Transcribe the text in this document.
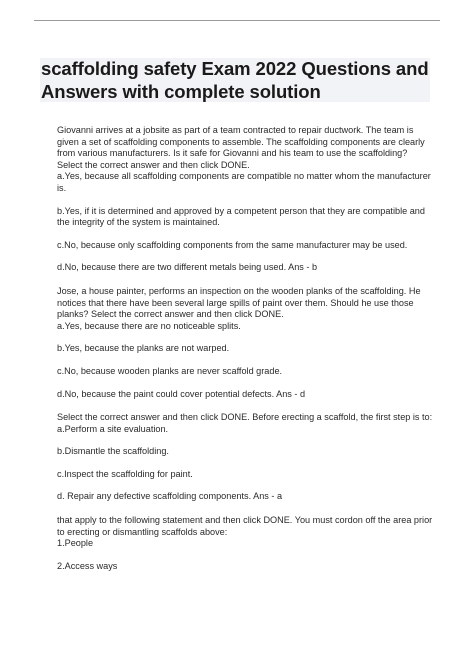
scaffolding safety Exam 2022 Questions and Answers with complete solution

Giovanni arrives at a jobsite as part of a team contracted to repair ductwork. The team is given a set of scaffolding components to assemble. The scaffolding components are clearly from various manufacturers. Is it safe for Giovanni and his team to use the scaffolding? Select the correct answer and then click DONE.

a.Yes, because all scaffolding components are compatible no matter whom the manufacturer is.

b.Yes, if it is determined and approved by a competent person that they are compatible and the integrity of the system is maintained.

c.No, because only scaffolding components from the same manufacturer may be used.

d.No, because there are two different metals being used. Ans - b

Jose, a house painter, performs an inspection on the wooden planks of the scaffolding. He notices that there have been several large spills of paint over them. Should he use those planks? Select the correct answer and then click DONE.

a.Yes, because there are no noticeable splits.

b.Yes, because the planks are not warped.

c.No, because wooden planks are never scaffold grade.

d.No, because the paint could cover potential defects. Ans - d

Select the correct answer and then click DONE. Before erecting a scaffold, the first step is to:

a.Perform a site evaluation.

b.Dismantle the scaffolding.

c.Inspect the scaffolding for paint.

d. Repair any defective scaffolding components. Ans - a

that apply to the following statement and then click DONE. You must cordon off the area prior to erecting or dismantling scaffolds above:

1.People

2.Access ways
